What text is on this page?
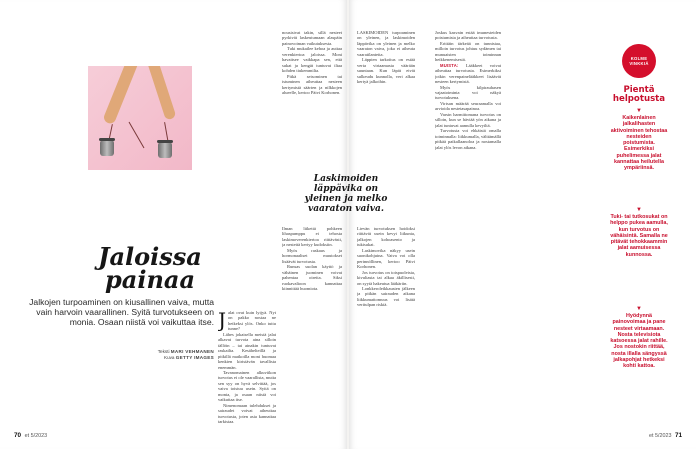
Jaloissa painaa
Jalkojen turpoaminen on kiusallinen vaiva, mutta vain harvoin vaarallinen. Syitä turvotukseen on monia. Osaan niistä voi vaikuttaa itse.
Teksti MARI VEHMANEN
Kuva GETTY IMAGES
J alat ovat kuin lyijyä. Nyt on pakko nostaa ne hetkeksi ylös. Onko tuttu tunne?

Lähes jokaisella meistä jalat alkavat turvota aina silloin tällöin – tai ainakin tuntuvat raskailta. Kesähelteillä ja pitkillä matkoilla moni huomaa kenkien kiristävän tavallista enemmän.

Tavanomainen alkuviikon turvotus ei ole vaarallista, mutta sen syy on hyvä selvittää, jos vaiva toistuu usein. Syitä on monia, ja osaan niistä voi vaikuttaa itse.

Nimenomaan tulehdukset ja sairaudet voivat aiheuttaa turvotusta, joten asia kannattaa tarkistaa.

nousisivat takin, sillä nesteet pyrkivät laskeutumaan alaspäin painovoiman vaikutuksesta.

Tuki mukailee kehoa ja auttaa verenkiertoa jaloissa. Moni havaitsee vaikkapa sen, että sukat ja kengät tuntuvat iltaa kohden tiukemmilta.

Pitkä seisominen tai istuminen aiheuttaa nesteen kertymistä säärten ja nilkkojen alueelle, kertoo Päivi Korhonen.

Ilman liikettä pohkeen lihaspumppu ei tehosta laskimoverenkiertoa riittävästi, ja nestettä kertyy kudoksiin.

Myös raskaus ja hormonaaliset muutokset lisäävät turvotusta.

Runsas suolan käyttö ja vähäinen juominen voivat pahentaa oireita. Siksi ruokavalioon kannattaa kiinnittää huomiota.

70 et 5/2023

LASKIMOIDEN turpoaminen on yleinen, ja laskimoiden läppävika on yleinen ja melko vaaraton vaiva, joka ei aiheuta vaaratilanteita.

Läppien tarkoitus on estää verta virtaamasta väärään suuntaan. Kun läpät eivät sulkeudu kunnolla, veri alkaa kertyä jalkoihin.

Lievän turvotuksen hoidoksi riittävät usein kevyt liikunta, jalkojen kohoasento ja tukisukat.

Laskimovika näkyy usein suonikohjuina. Vaiva voi olla perinnöllinen, kertoo Päivi Korhonen.

Jos turvotus on toispuoleista, kivuliasta tai alkaa äkillisesti, on syytä hakeutua lääkäriin.

Lonkkeroleikkausten jälkeen ja pitkän sairauden aikana liikkumattomuus voi lisätä veritulpan riskiä.

Joskus kasvain estää imunesteiden poistumista ja aiheuttaa turvotusta.

Erittäin tärkeää on tunnistaa, milloin turvotus johtuu sydämen tai munuaisten toiminnan heikkenemisestä.

MUISTA: Lääkkeet voivat aiheuttaa turvotusta. Esimerkiksi jotkin verenpainelääkkeet lisäävät nesteen kertymistä.

Myös kilpirauhasen vajaatoiminta voi näkyä turvotuksena.

Virtsan määrää seuraamalla voi arvioida nestetasapainoa.

Varsin harmittomana turvotus on silloin, kun se häviää yön aikana ja jalat tuntuvat aamulla kevyiltä.

Turvotusta voi ehkäistä omalla toiminnalla: liikkumalla, välttämällä pitkää paikallaanoloa ja nostamalla jalat ylös levon aikana.

et 5/2023 71
Laskimoiden läppävika on yleinen ja melko vaaraton vaiva.
KOLME VINKKIÄ
Pientä helpotusta
▼
Kaikenlainen jalkalihasten aktivoiminen tehostaa nesteiden poistumista. Esimerkiksi puhelimessa jalat kannattaa heilutella ympäriinsä.
▼
Tuki- tai tutkosukat on helppo pukea aamulla, kun turvotus on vähäisintä. Samalla ne pitävät tehokkaammin jalat aamuisessa kunnossa.
▼
Hyödynnä painovoimaa ja pane nesteet virtaamaan. Nosta televisiota katsoessa jalat rahille. Jos nostokin riittää, nosta illalla sängyssä jalkapohjat hetkeksi kohti kattoa.
